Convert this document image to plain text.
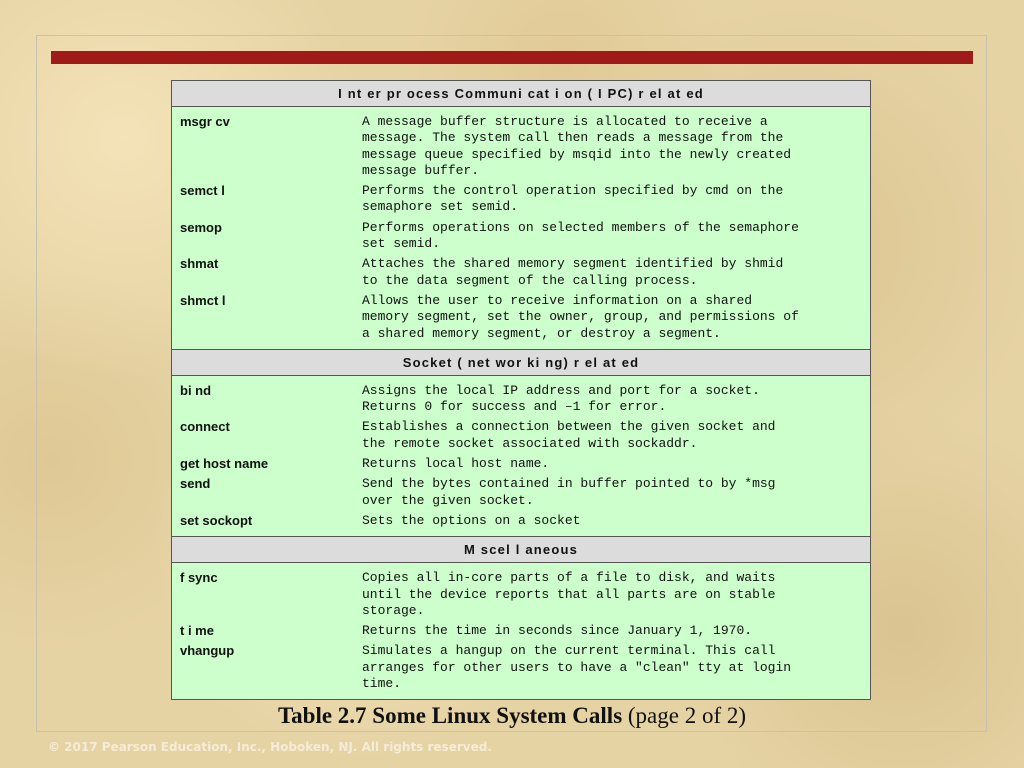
I nt er pr ocess Communi cat i on ( I PC) r el at ed
msgr cv	A message buffer structure is allocated to receive a
message. The system call then reads a message from the
message queue specified by msqid into the newly created
message buffer.
semct l	Performs the control operation specified by cmd on the
semaphore set semid.
semop	Performs operations on selected members of the semaphore
set semid.
shmat	Attaches the shared memory segment identified by shmid
to the data segment of the calling process.
shmct l	Allows the user to receive information on a shared
memory segment, set the owner, group, and permissions of
a shared memory segment, or destroy a segment.
Socket ( net wor ki ng) r el at ed
bi nd	Assigns the local IP address and port for a socket.
Returns 0 for success and –1 for error.
connect	Establishes a connection between the given socket and
the remote socket associated with sockaddr.
get host name	Returns local host name.
send	Send the bytes contained in buffer pointed to by *msg
over the given socket.
set sockopt	Sets the options on a socket
M scel l aneous
f sync	Copies all in-core parts of a file to disk, and waits
until the device reports that all parts are on stable
storage.
t i me	Returns the time in seconds since January 1, 1970.
vhangup	Simulates a hangup on the current terminal. This call
arranges for other users to have a "clean" tty at login
time.
Table 2.7 Some Linux System Calls (page 2 of 2)
© 2017 Pearson Education, Inc., Hoboken, NJ. All rights reserved.
